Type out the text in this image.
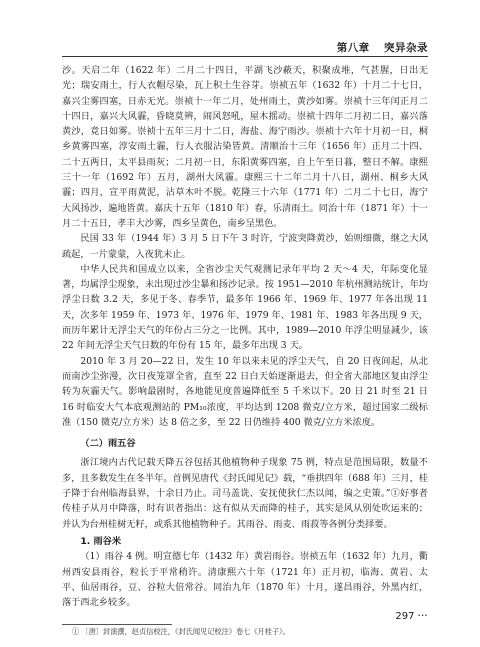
第八章 突异杂录

沙。天启二年（1622 年）二月二十四日，平湖飞沙蔽天，积聚成堆，气甚腥，日出无光；瑞安雨土，行人衣帽尽染，瓦上积土生谷芽。崇祯五年（1632 年）十月二十七日，嘉兴尘雾四塞，日赤无光。崇祯十一年二月，处州雨土，黄沙如雾。崇祯十三年闰正月二十四日，嘉兴大风霾，昏晓莫辨，闹风怒吼，屋木摇动。崇祯十四年二月初二日，嘉兴落黄沙，竟日如雾。崇祯十五年三月十二日，海盐、海宁雨沙。崇祯十六年十月初一日，桐乡黄雾四塞，淳安雨土霾，行人衣服沾染皆黄。清顺治十三年（1656 年）正月二十四、二十五两日，太平县雨灰；二月初一日，东阳黄雾四塞，自上午至日暮，整日不解。康熙三十一年（1692 年）五月，湖州大风霾。康熙三十二年二月十八日，湖州、桐乡大风霾；四月，宣平雨黄泥，沾草木叶不脱。乾隆三十六年（1771 年）二月二十七日，海宁大风扬沙，遍地皆黄。嘉庆十五年（1810 年）春，乐清雨土。同治十年（1871 年）十一月二十五日，孝丰大沙雾，西乡呈黄色，南乡呈黑色。

民国 33 年（1944 年）3 月 5 日下午 3 时许，宁波突降黄沙，始则细微，继之大风疏起，一片蒙蒙，入夜犹未止。

中华人民共和国成立以来，全省沙尘天气观测记录年平均 2 天～4 天，年际变化显著，均属浮尘现象，未出现过沙尘暴和扬沙记录。按 1951—2010 年杭州测站统计，年均浮尘日数 3.2 天，多见于冬、春季节，最多年 1966 年、1969 年、1977 年各出现 11 天，次多年 1959 年、1973 年、1976 年、1979 年、1981 年、1983 年各出现 9 天，而历年累计无浮尘天气的年份占三分之一比例。其中，1989—2010 年浮尘明显减少，该 22 年间无浮尘天气日数的年份有 15 年，最多年出现 3 天。

2010 年 3 月 20—22 日，发生 10 年以来未见的浮尘天气，自 20 日夜间起，从北而南沙尘弥漫，次日夜笼罩全省，直至 22 日白天始逐渐退去，但全省大部地区复由浮尘转为灰霾天气。影响最剧时，各地能见度普遍降低至 5 千米以下。20 日 21 时至 21 日 16 时临安大气本底观测站的 PM₁₀浓度，平均达到 1208 微克/立方米，超过国家二级标准（150 微克/立方米）达 8 倍之多，至 22 日仍维持 400 微克/立方米浓度。

（二）雨五谷

浙江境内古代记载天降五谷包括其他植物种子现象 75 例，特点是范围局限，数量不多，且多数发生在冬半年。首例见唐代《封氏闻见记》载，“垂拱四年（688 年）三月，桂子降于台州临海县界，十余日乃止。司马盖诜、安抚使狄仁杰以闻，编之史策。”①好事者传桂子从月中降落，时有识者指出：这有似从天而降的桂子，其实是风从别处吹运来的；并认为台州桂树无籽，或系其他植物种子。其雨谷、雨麦、雨菽等各例分类择要。

1. 雨谷米

（1）雨谷 4 例。明宣德七年（1432 年）黄岩雨谷。崇祯五年（1632 年）九月，衢州西安县雨谷，粒长于平常稍许。清康熙六十年（1721 年）正月初，临海、黄岩、太平、仙居雨谷，豆、谷粒大倍常谷。同治九年（1870 年）十月，遂昌雨谷，外黑内红，落于西北乡较多。

297 •••
① 〔唐〕封演撰，赵贞信校注，《封氏闻见记校注》卷七《月桂子》。
